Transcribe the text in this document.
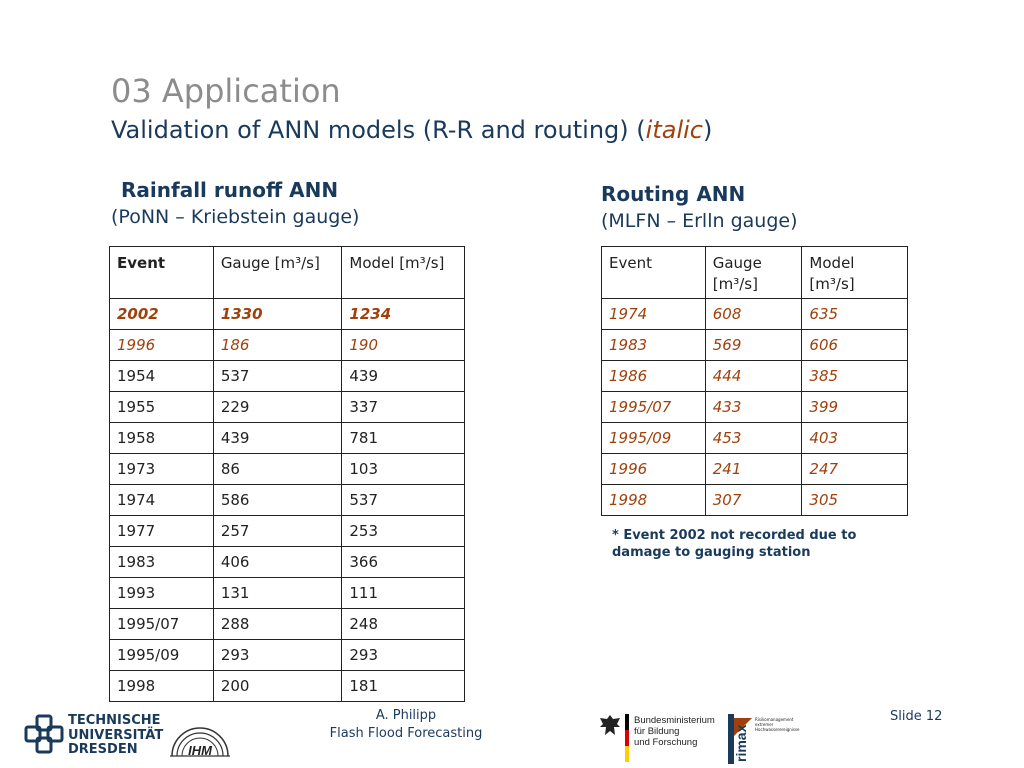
03 Application
Validation of ANN models (R-R and routing) (italic)
Rainfall runoff ANN
(PoNN – Kriebstein gauge)
Routing ANN
(MLFN – Erlln gauge)
Event	Gauge [m³/s]	Model [m³/s]
2002	1330	1234
1996	186	190
1954	537	439
1955	229	337
1958	439	781
1973	86	103
1974	586	537
1977	257	253
1983	406	366
1993	131	111
1995/07	288	248
1995/09	293	293
1998	200	181
Event	Gauge [m³/s]	Model [m³/s]
1974	608	635
1983	569	606
1986	444	385
1995/07	433	399
1995/09	453	403
1996	241	247
1998	307	305
* Event 2002 not recorded due to damage to gauging station
TECHNISCHE
UNIVERSITÄT
DRESDEN	IHM
A. Philipp
Flash Flood Forecasting
Bundesministerium
für Bildung
und Forschung	rimax
Risikomanagement
extremer
Hochwasserereignisse
Slide 12
